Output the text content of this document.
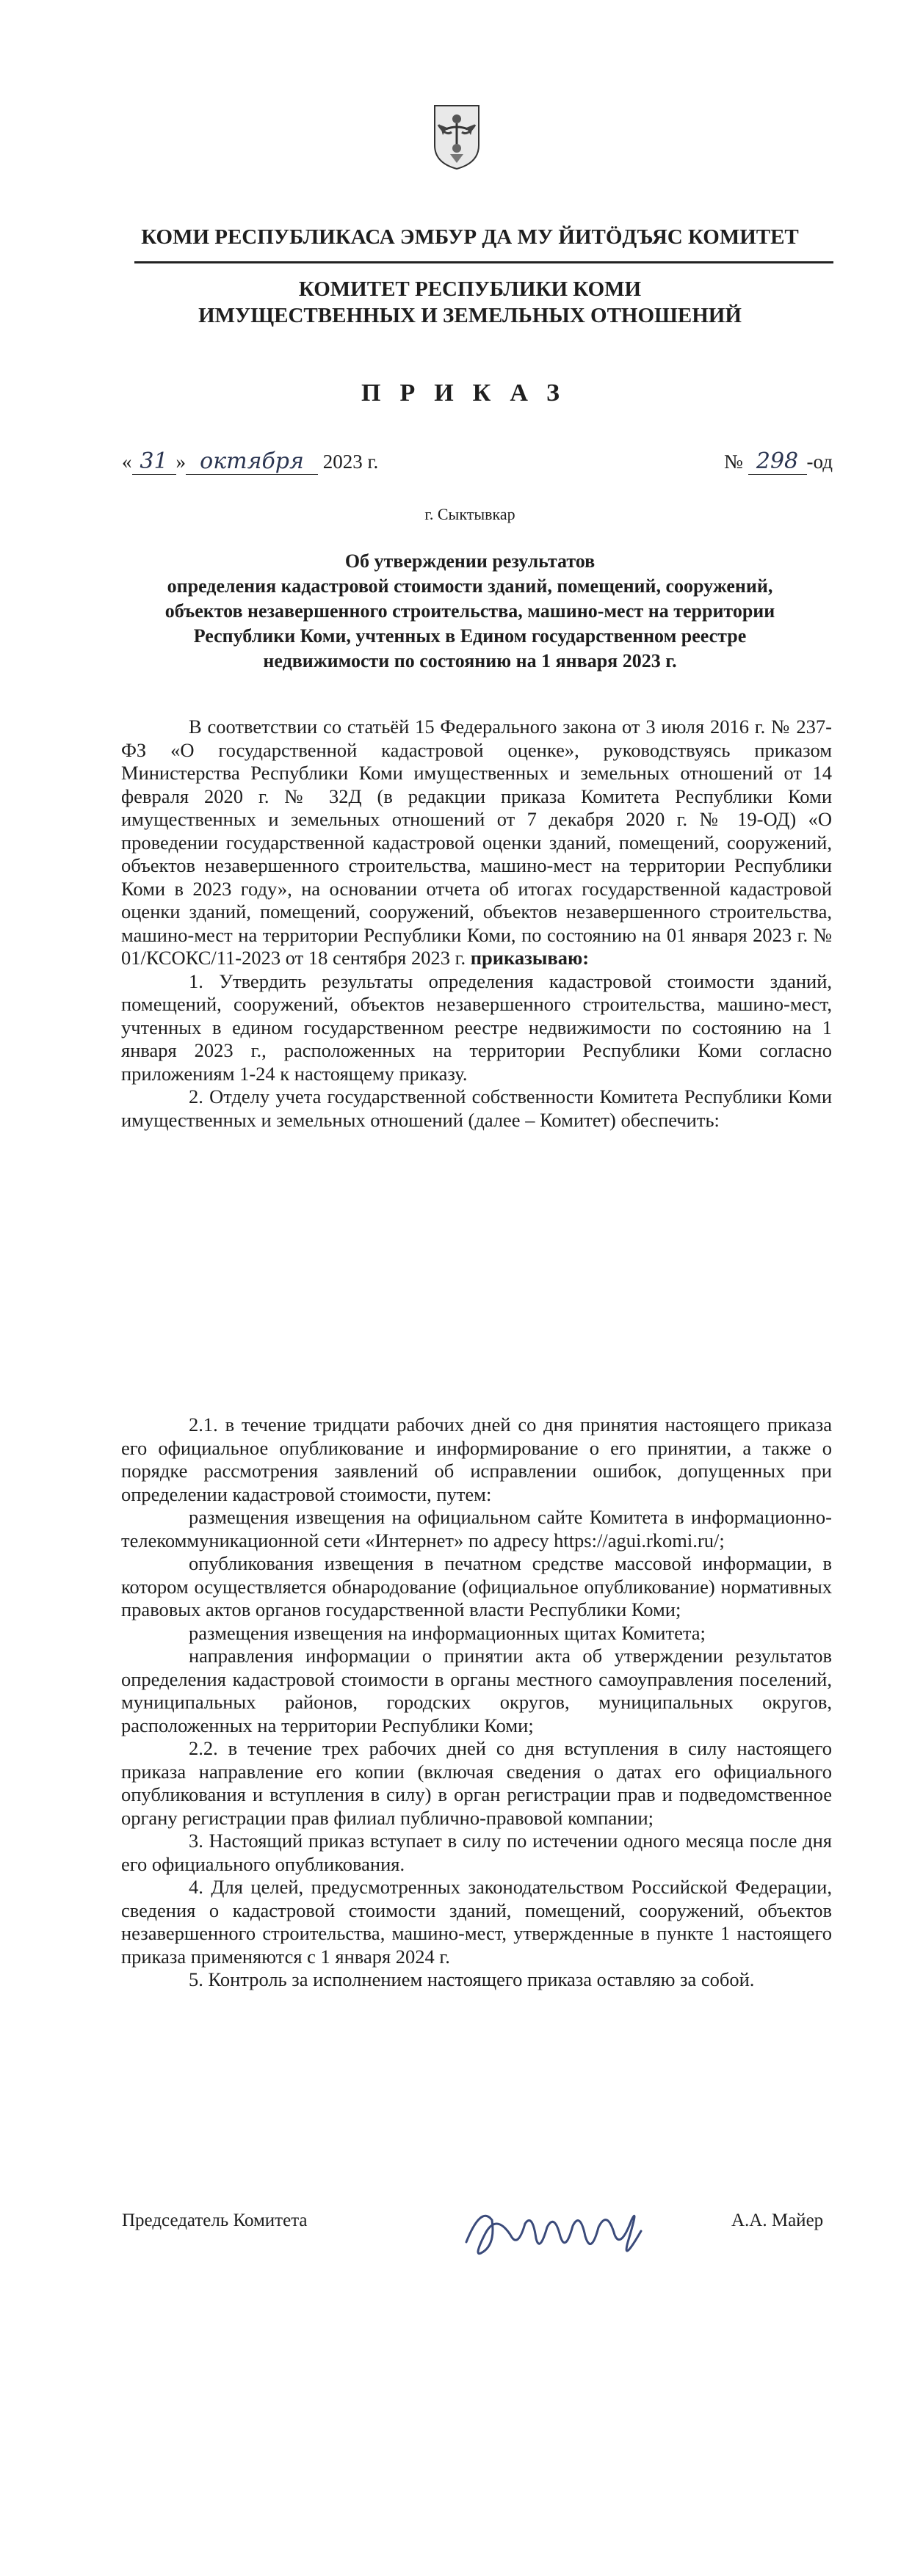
КОМИ РЕСПУБЛИКАСА ЭМБУР ДА МУ ЙИТÖДЪЯС КОМИТЕТ
КОМИТЕТ РЕСПУБЛИКИ КОМИ
ИМУЩЕСТВЕННЫХ И ЗЕМЕЛЬНЫХ ОТНОШЕНИЙ
ПРИКАЗ
« 31 » октября 2023 г.	№ 298 -од
г. Сыктывкар
Об утверждении результатов
определения кадастровой стоимости зданий, помещений, сооружений,
объектов незавершенного строительства, машино-мест на территории
Республики Коми, учтенных в Едином государственном реестре
недвижимости по состоянию на 1 января 2023 г.

В соответствии со статьёй 15 Федерального закона от 3 июля 2016 г. № 237-ФЗ «О государственной кадастровой оценке», руководствуясь приказом Министерства Республики Коми имущественных и земельных отношений от 14 февраля 2020 г. № 32Д (в редакции приказа Комитета Республики Коми имущественных и земельных отношений от 7 декабря 2020 г. № 19-ОД) «О проведении государственной кадастровой оценки зданий, помещений, сооружений, объектов незавершенного строительства, машино-мест на территории Республики Коми в 2023 году», на основании отчета об итогах государственной кадастровой оценки зданий, помещений, сооружений, объектов незавершенного строительства, машино-мест на территории Республики Коми, по состоянию на 01 января 2023 г. № 01/КСОКС/11-2023 от 18 сентября 2023 г. приказываю:

1. Утвердить результаты определения кадастровой стоимости зданий, помещений, сооружений, объектов незавершенного строительства, машино-мест, учтенных в едином государственном реестре недвижимости по состоянию на 1 января 2023 г., расположенных на территории Республики Коми согласно приложениям 1-24 к настоящему приказу.

2. Отделу учета государственной собственности Комитета Республики Коми имущественных и земельных отношений (далее – Комитет) обеспечить:

2.1. в течение тридцати рабочих дней со дня принятия настоящего приказа его официальное опубликование и информирование о его принятии, а также о порядке рассмотрения заявлений об исправлении ошибок, допущенных при определении кадастровой стоимости, путем:

размещения извещения на официальном сайте Комитета в информационно-телекоммуникационной сети «Интернет» по адресу https://agui.rkomi.ru/;

опубликования извещения в печатном средстве массовой информации, в котором осуществляется обнародование (официальное опубликование) нормативных правовых актов органов государственной власти Республики Коми;

размещения извещения на информационных щитах Комитета;

направления информации о принятии акта об утверждении результатов определения кадастровой стоимости в органы местного самоуправления поселений, муниципальных районов, городских округов, муниципальных округов, расположенных на территории Республики Коми;

2.2. в течение трех рабочих дней со дня вступления в силу настоящего приказа направление его копии (включая сведения о датах его официального опубликования и вступления в силу) в орган регистрации прав и подведомственное органу регистрации прав филиал публично-правовой компании;

3. Настоящий приказ вступает в силу по истечении одного месяца после дня его официального опубликования.

4. Для целей, предусмотренных законодательством Российской Федерации, сведения о кадастровой стоимости зданий, помещений, сооружений, объектов незавершенного строительства, машино-мест, утвержденные в пункте 1 настоящего приказа применяются с 1 января 2024 г.

5. Контроль за исполнением настоящего приказа оставляю за собой.

Председатель Комитета	А.А. Майер
